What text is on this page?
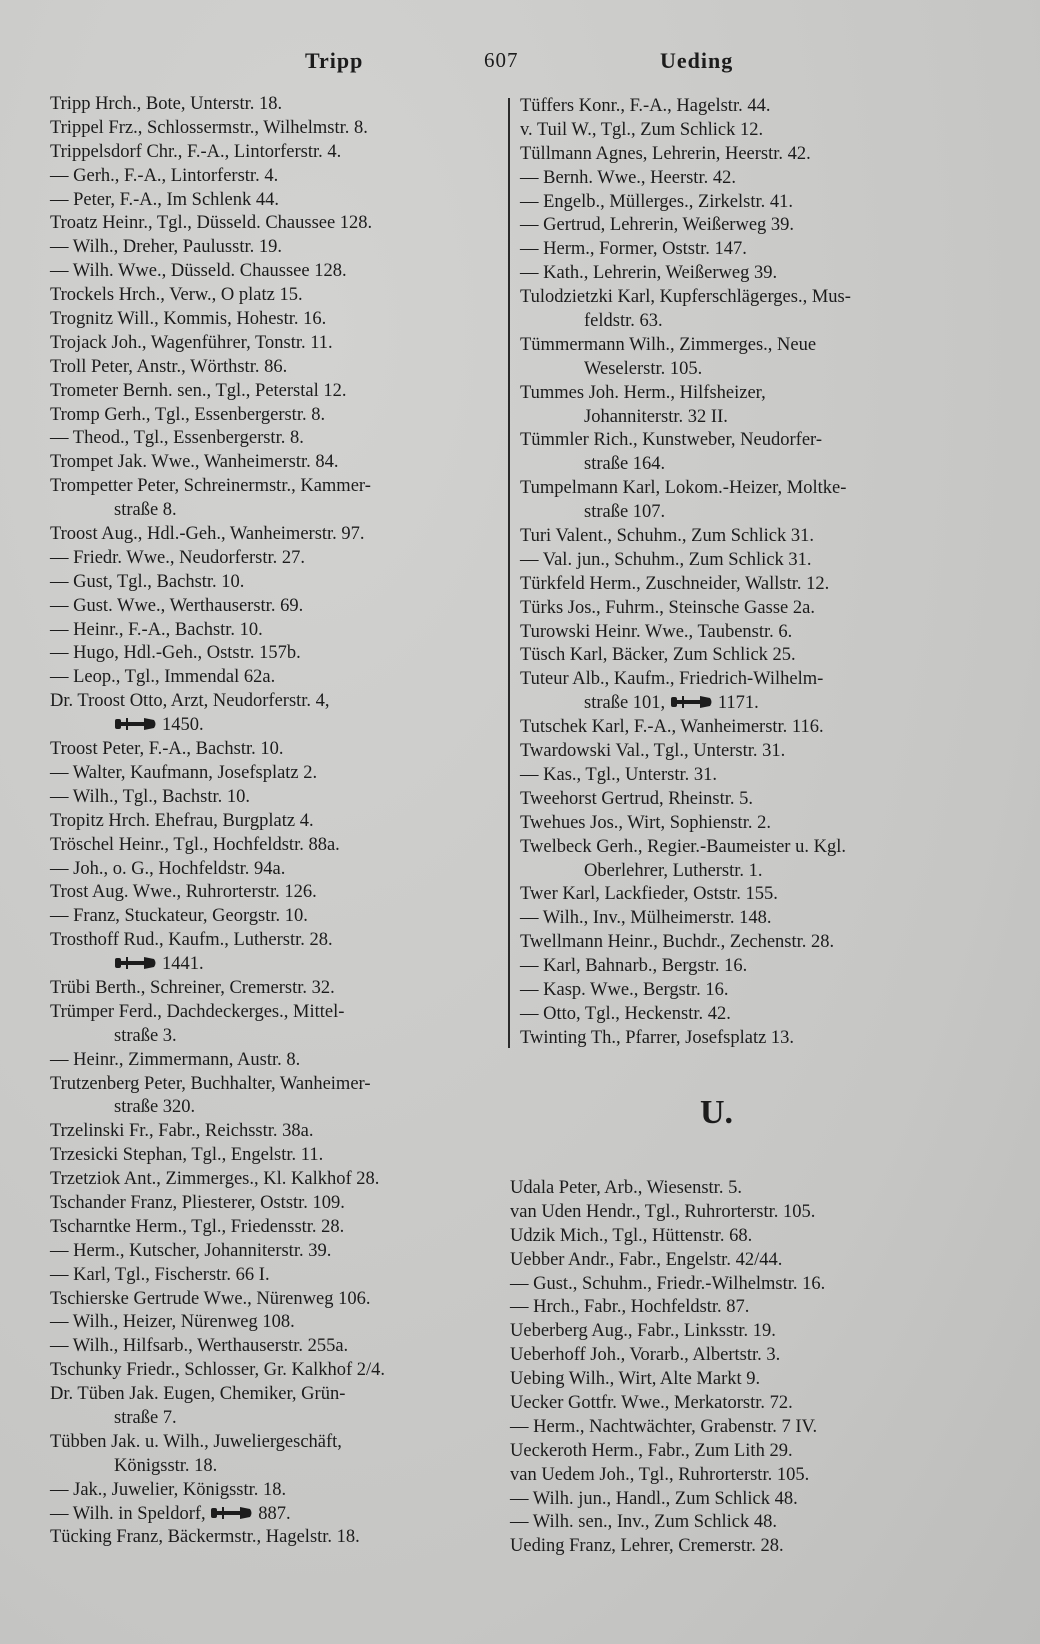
Tripp	607	Ueding
Tripp Hrch., Bote, Unterstr. 18.
Trippel Frz., Schlossermstr., Wilhelmstr. 8.
Trippelsdorf Chr., F.-A., Lintorferstr. 4.
— Gerh., F.-A., Lintorferstr. 4.
— Peter, F.-A., Im Schlenk 44.
Troatz Heinr., Tgl., Düsseld. Chaussee 128.
— Wilh., Dreher, Paulusstr. 19.
— Wilh. Wwe., Düsseld. Chaussee 128.
Trockels Hrch., Verw., O platz 15.
Trognitz Will., Kommis, Hohestr. 16.
Trojack Joh., Wagenführer, Tonstr. 11.
Troll Peter, Anstr., Wörthstr. 86.
Trometer Bernh. sen., Tgl., Peterstal 12.
Tromp Gerh., Tgl., Essenbergerstr. 8.
— Theod., Tgl., Essenbergerstr. 8.
Trompet Jak. Wwe., Wanheimerstr. 84.
Trompetter Peter, Schreinermstr., Kammer-
straße 8.
Troost Aug., Hdl.-Geh., Wanheimerstr. 97.
— Friedr. Wwe., Neudorferstr. 27.
— Gust, Tgl., Bachstr. 10.
— Gust. Wwe., Werthauserstr. 69.
— Heinr., F.-A., Bachstr. 10.
— Hugo, Hdl.-Geh., Oststr. 157b.
— Leop., Tgl., Immendal 62a.
Dr. Troost Otto, Arzt, Neudorferstr. 4,
1450.
Troost Peter, F.-A., Bachstr. 10.
— Walter, Kaufmann, Josefsplatz 2.
— Wilh., Tgl., Bachstr. 10.
Tropitz Hrch. Ehefrau, Burgplatz 4.
Tröschel Heinr., Tgl., Hochfeldstr. 88a.
— Joh., o. G., Hochfeldstr. 94a.
Trost Aug. Wwe., Ruhrorterstr. 126.
— Franz, Stuckateur, Georgstr. 10.
Trosthoff Rud., Kaufm., Lutherstr. 28.
1441.
Trübi Berth., Schreiner, Cremerstr. 32.
Trümper Ferd., Dachdeckerges., Mittel-
straße 3.
— Heinr., Zimmermann, Austr. 8.
Trutzenberg Peter, Buchhalter, Wanheimer-
straße 320.
Trzelinski Fr., Fabr., Reichsstr. 38a.
Trzesicki Stephan, Tgl., Engelstr. 11.
Trzetziok Ant., Zimmerges., Kl. Kalkhof 28.
Tschander Franz, Pliesterer, Oststr. 109.
Tscharntke Herm., Tgl., Friedensstr. 28.
— Herm., Kutscher, Johanniterstr. 39.
— Karl, Tgl., Fischerstr. 66 I.
Tschierske Gertrude Wwe., Nürenweg 106.
— Wilh., Heizer, Nürenweg 108.
— Wilh., Hilfsarb., Werthauserstr. 255a.
Tschunky Friedr., Schlosser, Gr. Kalkhof 2/4.
Dr. Tüben Jak. Eugen, Chemiker, Grün-
straße 7.
Tübben Jak. u. Wilh., Juweliergeschäft,
Königsstr. 18.
— Jak., Juwelier, Königsstr. 18.
— Wilh. in Speldorf,	887.
Tücking Franz, Bäckermstr., Hagelstr. 18.
Tüffers Konr., F.-A., Hagelstr. 44.
v. Tuil W., Tgl., Zum Schlick 12.
Tüllmann Agnes, Lehrerin, Heerstr. 42.
— Bernh. Wwe., Heerstr. 42.
— Engelb., Müllerges., Zirkelstr. 41.
— Gertrud, Lehrerin, Weißerweg 39.
— Herm., Former, Oststr. 147.
— Kath., Lehrerin, Weißerweg 39.
Tulodzietzki Karl, Kupferschlägerges., Mus-
feldstr. 63.
Tümmermann Wilh., Zimmerges., Neue
Weselerstr. 105.
Tummes Joh. Herm., Hilfsheizer,
Johanniterstr. 32 II.
Tümmler Rich., Kunstweber, Neudorfer-
straße 164.
Tumpelmann Karl, Lokom.-Heizer, Moltke-
straße 107.
Turi Valent., Schuhm., Zum Schlick 31.
— Val. jun., Schuhm., Zum Schlick 31.
Türkfeld Herm., Zuschneider, Wallstr. 12.
Türks Jos., Fuhrm., Steinsche Gasse 2a.
Turowski Heinr. Wwe., Taubenstr. 6.
Tüsch Karl, Bäcker, Zum Schlick 25.
Tuteur Alb., Kaufm., Friedrich-Wilhelm-
straße 101,	1171.
Tutschek Karl, F.-A., Wanheimerstr. 116.
Twardowski Val., Tgl., Unterstr. 31.
— Kas., Tgl., Unterstr. 31.
Tweehorst Gertrud, Rheinstr. 5.
Twehues Jos., Wirt, Sophienstr. 2.
Twelbeck Gerh., Regier.-Baumeister u. Kgl.
Oberlehrer, Lutherstr. 1.
Twer Karl, Lackfieder, Oststr. 155.
— Wilh., Inv., Mülheimerstr. 148.
Twellmann Heinr., Buchdr., Zechenstr. 28.
— Karl, Bahnarb., Bergstr. 16.
— Kasp. Wwe., Bergstr. 16.
— Otto, Tgl., Heckenstr. 42.
Twinting Th., Pfarrer, Josefsplatz 13.
U.
Udala Peter, Arb., Wiesenstr. 5.
van Uden Hendr., Tgl., Ruhrorterstr. 105.
Udzik Mich., Tgl., Hüttenstr. 68.
Uebber Andr., Fabr., Engelstr. 42/44.
— Gust., Schuhm., Friedr.-Wilhelmstr. 16.
— Hrch., Fabr., Hochfeldstr. 87.
Ueberberg Aug., Fabr., Linksstr. 19.
Ueberhoff Joh., Vorarb., Albertstr. 3.
Uebing Wilh., Wirt, Alte Markt 9.
Uecker Gottfr. Wwe., Merkatorstr. 72.
— Herm., Nachtwächter, Grabenstr. 7 IV.
Ueckeroth Herm., Fabr., Zum Lith 29.
van Uedem Joh., Tgl., Ruhrorterstr. 105.
— Wilh. jun., Handl., Zum Schlick 48.
— Wilh. sen., Inv., Zum Schlick 48.
Ueding Franz, Lehrer, Cremerstr. 28.
